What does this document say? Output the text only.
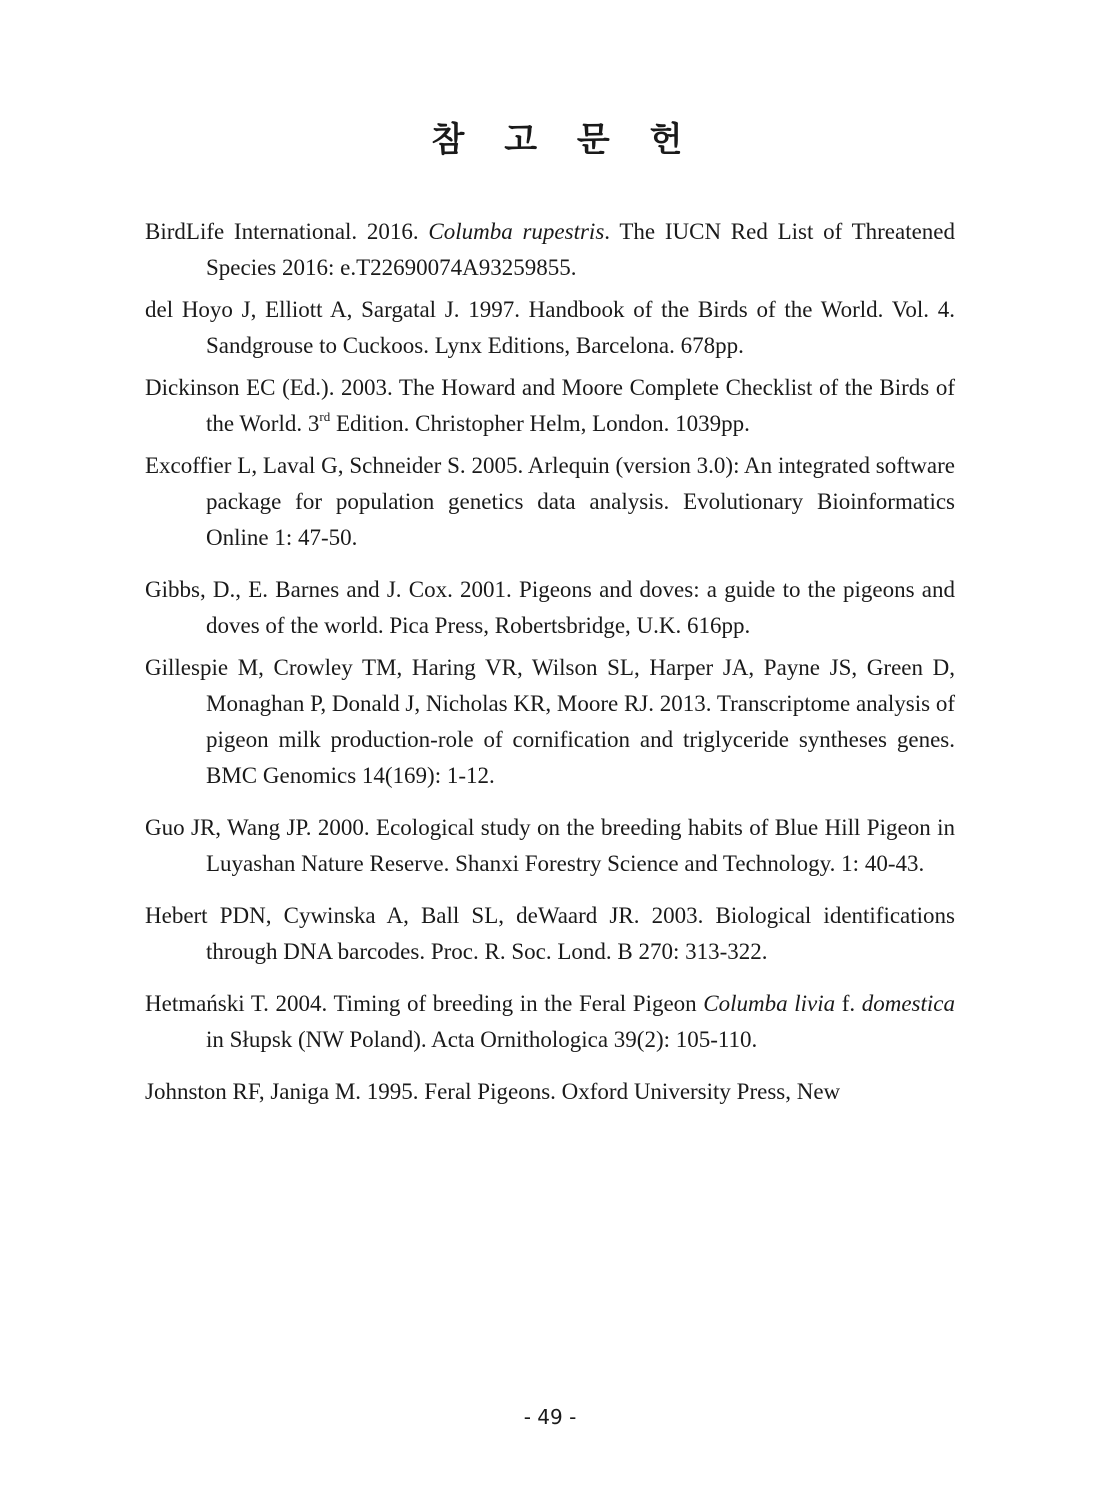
참 고 문 헌

BirdLife International. 2016. Columba rupestris. The IUCN Red List of Threatened Species 2016: e.T22690074A93259855.

del Hoyo J, Elliott A, Sargatal J. 1997. Handbook of the Birds of the World. Vol. 4. Sandgrouse to Cuckoos. Lynx Editions, Barcelona. 678pp.

Dickinson EC (Ed.). 2003. The Howard and Moore Complete Checklist of the Birds of the World. 3rd Edition. Christopher Helm, London. 1039pp.

Excoffier L, Laval G, Schneider S. 2005. Arlequin (version 3.0): An integrated software package for population genetics data analysis. Evolutionary Bioinformatics Online 1: 47-50.

Gibbs, D., E. Barnes and J. Cox. 2001. Pigeons and doves: a guide to the pigeons and doves of the world. Pica Press, Robertsbridge, U.K. 616pp.

Gillespie M, Crowley TM, Haring VR, Wilson SL, Harper JA, Payne JS, Green D, Monaghan P, Donald J, Nicholas KR, Moore RJ. 2013. Transcriptome analysis of pigeon milk production-role of cornification and triglyceride syntheses genes. BMC Genomics 14(169): 1-12.

Guo JR, Wang JP. 2000. Ecological study on the breeding habits of Blue Hill Pigeon in Luyashan Nature Reserve. Shanxi Forestry Science and Technology. 1: 40-43.

Hebert PDN, Cywinska A, Ball SL, deWaard JR. 2003. Biological identifications through DNA barcodes. Proc. R. Soc. Lond. B 270: 313-322.

Hetmański T. 2004. Timing of breeding in the Feral Pigeon Columba livia f. domestica in Słupsk (NW Poland). Acta Ornithologica 39(2): 105-110.

Johnston RF, Janiga M. 1995. Feral Pigeons. Oxford University Press, New

- 49 -
